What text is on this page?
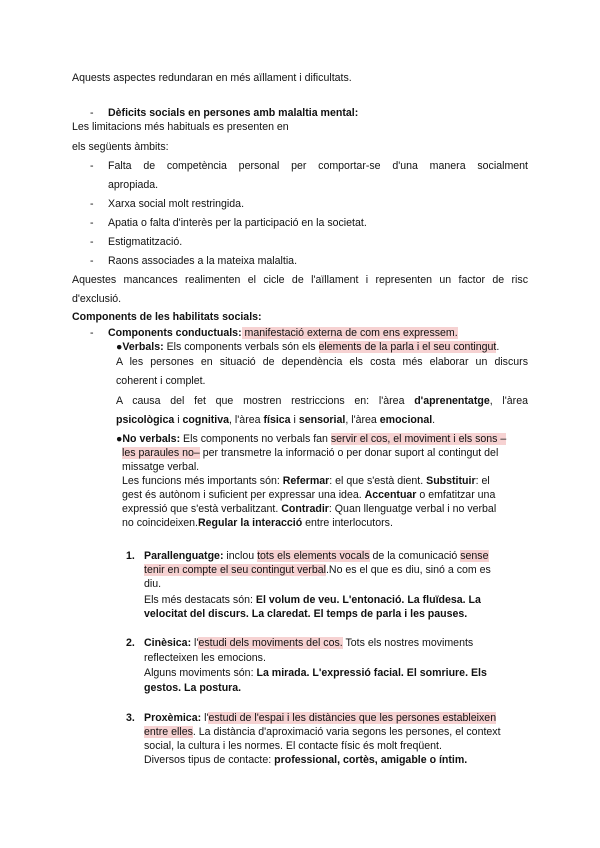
Aquests aspectes redundaran en més aïllament i dificultats.
- Dèficits socials en persones amb malaltia mental:
Les limitacions més habituals es presenten en
els següents àmbits:
- Falta de competència personal per comportar-se d'una manera socialment
apropiada.
- Xarxa social molt restringida.
- Apatia o falta d'interès per la participació en la societat.
- Estigmatització.
- Raons associades a la mateixa malaltia.
Aquestes mancances realimenten el cicle de l'aïllament i representen un factor de risc
d'exclusió.
Components de les habilitats socials:
- Components conductuals: manifestació externa de com ens expressem.
●Verbals: Els components verbals són els elements de la parla i el seu contingut.
A les persones en situació de dependència els costa més elaborar un discurs
coherent i complet.
A causa del fet que mostren restriccions en: l'àrea d'aprenentatge, l'àrea
psicològica i cognitiva, l'àrea física i sensorial, l'àrea emocional.
●No verbals: Els components no verbals fan servir el cos, el moviment i els sons –
les paraules no– per transmetre la informació o per donar suport al contingut del
missatge verbal.
Les funcions més importants són: Refermar: el que s'està dient. Substituir: el
gest és autònom i suficient per expressar una idea. Accentuar o emfatitzar una
expressió que s'està verbalitzant. Contradir: Quan llenguatge verbal i no verbal
no coincideixen.Regular la interacció entre interlocutors.
1. Parallenguatge: inclou tots els elements vocals de la comunicació sense
tenir en compte el seu contingut verbal.No es el que es diu, sinó a com es
diu.
Els més destacats són: El volum de veu. L'entonació. La fluïdesa. La
velocitat del discurs. La claredat. El temps de parla i les pauses.
2. Cinèsica: l'estudi dels moviments del cos. Tots els nostres moviments
reflecteixen les emocions.
Alguns moviments són: La mirada. L'expressió facial. El somriure. Els
gestos. La postura.
3. Proxèmica: l'estudi de l'espai i les distàncies que les persones estableixen
entre elles. La distància d'aproximació varia segons les persones, el context
social, la cultura i les normes. El contacte físic és molt freqüent.
Diversos tipus de contacte: professional, cortès, amigable o íntim.
